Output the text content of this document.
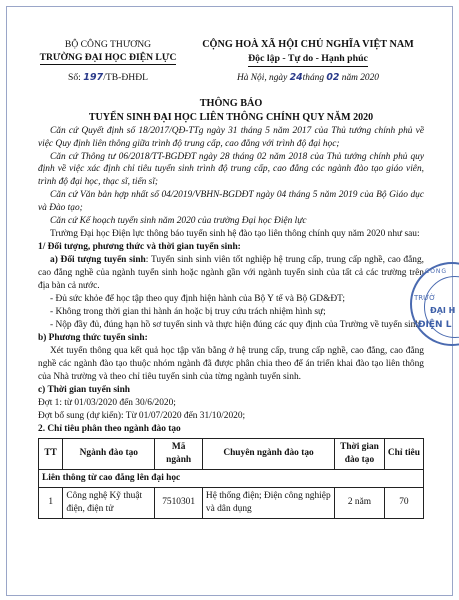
BỘ CÔNG THƯƠNG
TRƯỜNG ĐẠI HỌC ĐIỆN LỰC
Số: 197/TB-ĐHĐL
CỘNG HOÀ XÃ HỘI CHỦ NGHĨA VIỆT NAM
Độc lập - Tự do - Hạnh phúc
Hà Nội, ngày 24tháng 02 năm 2020
THÔNG BÁO
TUYỂN SINH ĐẠI HỌC LIÊN THÔNG CHÍNH QUY NĂM 2020

Căn cứ Quyết định số 18/2017/QĐ-TTg ngày 31 tháng 5 năm 2017 của Thủ tướng chính phủ về việc Quy định liên thông giữa trình độ trung cấp, cao đẳng với trình độ đại học;

Căn cứ Thông tư 06/2018/TT-BGDĐT ngày 28 tháng 02 năm 2018 của Thủ tướng chính phủ quy định về việc xác định chỉ tiêu tuyển sinh trình độ trung cấp, cao đẳng các ngành đào tạo giáo viên, trình độ đại học, thạc sĩ, tiến sĩ;

Căn cứ Văn bản hợp nhất số 04/2019/VBHN-BGDĐT ngày 04 tháng 5 năm 2019 của Bộ Giáo dục và Đào tạo;

Căn cứ Kế hoạch tuyển sinh năm 2020 của trường Đại học Điện lực

Trường Đại học Điện lực thông báo tuyển sinh hệ đào tạo liên thông chính quy năm 2020 như sau:

1/ Đối tượng, phương thức và thời gian tuyển sinh:

a) Đối tượng tuyển sinh: Tuyển sinh sinh viên tốt nghiệp hệ trung cấp, trung cấp nghề, cao đẳng, cao đẳng nghề của ngành tuyển sinh hoặc ngành gần với ngành tuyển sinh của tất cả các trường trên địa bàn cả nước.

- Đủ sức khỏe để học tập theo quy định hiện hành của Bộ Y tế và Bộ GD&ĐT;

- Không trong thời gian thi hành án hoặc bị truy cứu trách nhiệm hình sự;

- Nộp đầy đủ, đúng hạn hồ sơ tuyển sinh và thực hiện đúng các quy định của Trường về tuyển sinh.

b) Phương thức tuyển sinh:

Xét tuyển thông qua kết quả học tập văn bằng ở hệ trung cấp, trung cấp nghề, cao đẳng, cao đẳng nghề các ngành đào tạo thuộc nhóm ngành đã được phân chia theo để án triển khai đào tạo liên thông của Nhà trường và theo chỉ tiêu tuyển sinh của từng ngành tuyển sinh.

c) Thời gian tuyển sinh

Đợt 1: từ 01/03/2020 đến 30/6/2020;

Đợt bổ sung (dự kiến): Từ 01/07/2020 đến 31/10/2020;

2. Chỉ tiêu phân theo ngành đào tạo

TT	Ngành đào tạo	Mã ngành	Chuyên ngành đào tạo	Thời gian đào tạo	Chỉ tiêu
Liên thông từ cao đẳng lên đại học					
1	Công nghệ Kỹ thuật điện, điện tử	7510301	Hệ thống điện; Điện công nghiệp và dân dụng	2 năm	70
CÔNG
TRƯỜ
ĐẠI H
ĐIỆN L
